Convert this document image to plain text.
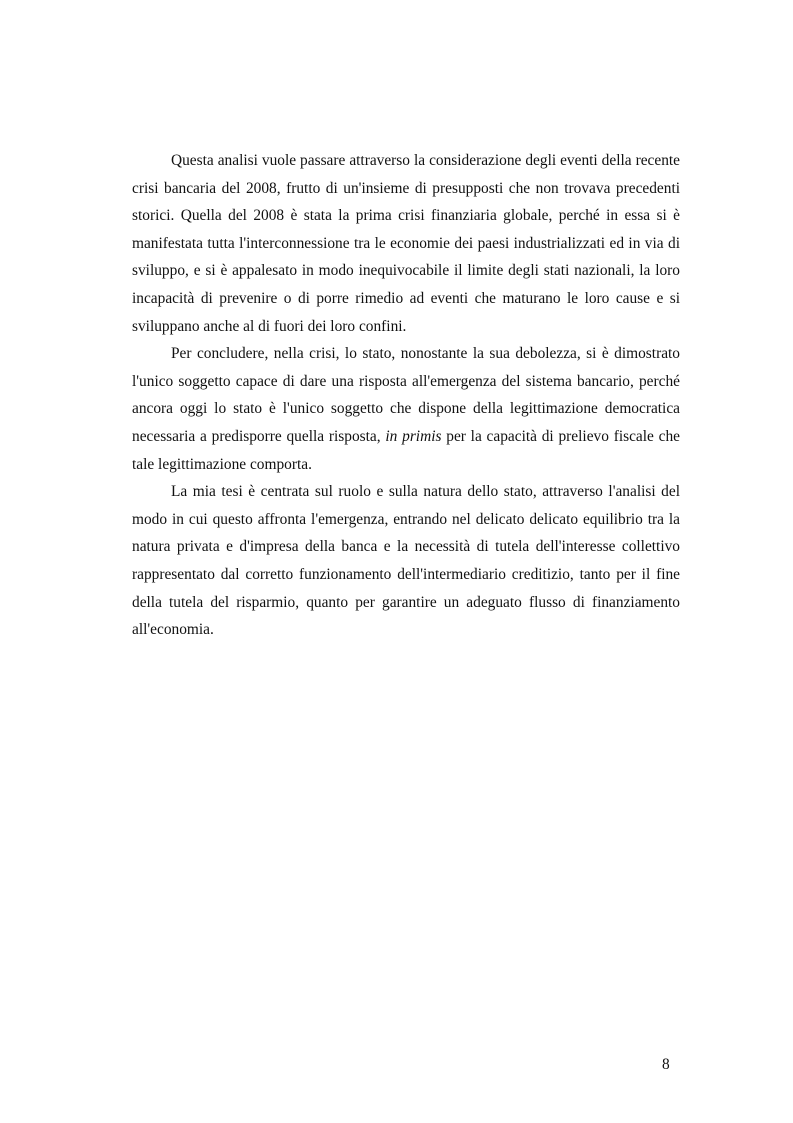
Questa analisi vuole passare attraverso la considerazione degli eventi della recente crisi bancaria del 2008, frutto di un'insieme di presupposti che non trovava precedenti storici. Quella del 2008 è stata la prima crisi finanziaria globale, perché in essa si è manifestata tutta l'interconnessione tra le economie dei paesi industrializzati ed in via di sviluppo, e si è appalesato in modo inequivocabile il limite degli stati nazionali, la loro incapacità di prevenire o di porre rimedio ad eventi che maturano le loro cause e si sviluppano anche al di fuori dei loro confini.

Per concludere, nella crisi, lo stato, nonostante la sua debolezza, si è dimostrato l'unico soggetto capace di dare una risposta all'emergenza del sistema bancario, perché ancora oggi lo stato è l'unico soggetto che dispone della legittimazione democratica necessaria a predisporre quella risposta, in primis per la capacità di prelievo fiscale che tale legittimazione comporta.

La mia tesi è centrata sul ruolo e sulla natura dello stato, attraverso l'analisi del modo in cui questo affronta l'emergenza, entrando nel delicato delicato equilibrio tra la natura privata e d'impresa della banca e la necessità di tutela dell'interesse collettivo rappresentato dal corretto funzionamento dell'intermediario creditizio, tanto per il fine della tutela del risparmio, quanto per garantire un adeguato flusso di finanziamento all'economia.

8
